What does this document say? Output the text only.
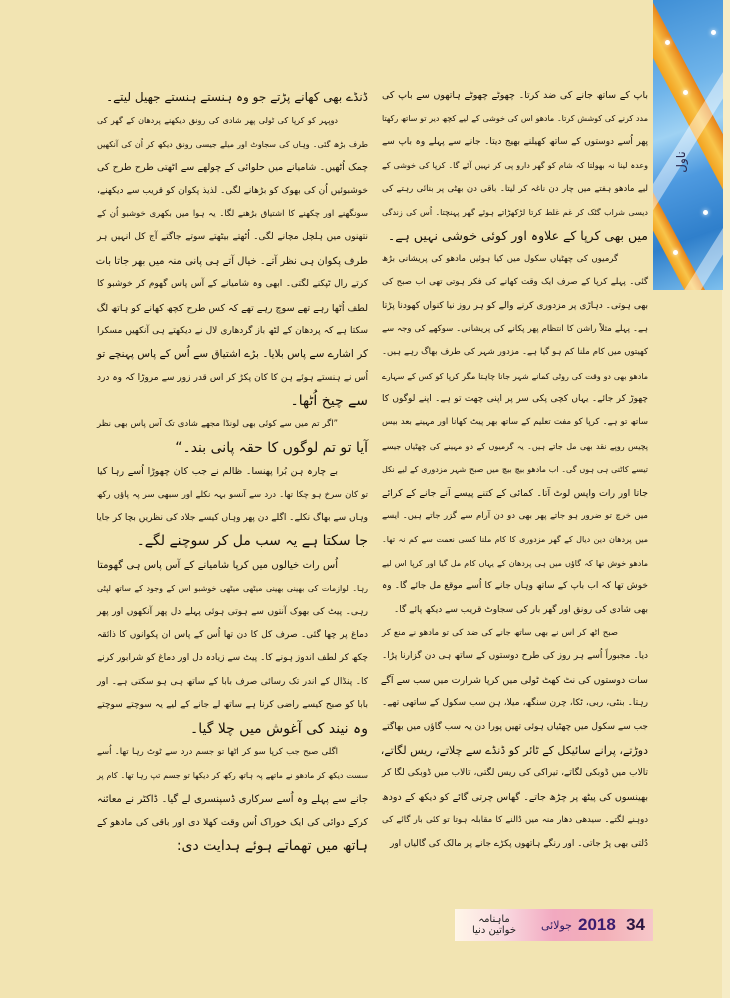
ناول
باپ کے ساتھ جانے کی ضد کرتا۔ چھوٹے چھوٹے ہاتھوں سے باپ کی
مدد کرنے کی کوشش کرتا۔ مادھو اس کی خوشی کے لیے کچھ دیر تو ساتھ رکھتا
پھر اُسے دوستوں کے ساتھ کھیلنے بھیج دیتا۔ جانے سے پہلے وہ باپ سے
وعدہ لینا نہ بھولتا کہ شام کو گھر دارو پی کر نہیں آئے گا۔ کرپا کی خوشی کے
لیے مادھو ہفتے میں چار دن ناغہ کر لیتا۔ باقی دن بھٹی پر بنائی رہتے کی
دیسی شراب گٹک کر غم غلط کرتا لڑکھڑاتے ہوئے گھر پہنچتا۔ اُس کی زندگی
میں بھی کرپا کے علاوہ اور کوئی خوشی نہیں ہے۔
گرمیوں کی چھٹیاں سکول میں کیا ہوئیں مادھو کی پریشانی بڑھ
گئی۔ پہلے کرپا کے صرف ایک وقت کھانے کی فکر ہوتی تھی اب صبح کی
بھی ہوتی۔ دہاڑی پر مزدوری کرنے والے کو ہر روز نیا کنواں کھودنا پڑتا
ہے۔ پہلے مثلاً راشن کا انتظام پھر پکانے کی پریشانی۔ سوکھے کی وجہ سے
کھیتوں میں کام ملنا کم ہو گیا ہے۔ مزدور شہر کی طرف بھاگ رہے ہیں۔
مادھو بھی دو وقت کی روٹی کمانے شہر جانا چاہتا مگر کرپا کو کس کے سہارے
چھوڑ کر جائے۔ یہاں کچی پکی سر پر اپنی چھت تو ہے۔ اپنے لوگوں کا
ساتھ تو ہے۔ کرپا کو مفت تعلیم کے ساتھ بھر پیٹ کھانا اور مہینے بعد بیس
پچیس روپے نقد بھی مل جاتے ہیں۔ یہ گرمیوں کے دو مہینے کی چھٹیاں جیسے
تیسے کاٹنی ہی ہوں گی۔ اب مادھو بیچ بیچ میں صبح شہر مزدوری کے لیے نکل
جاتا اور رات واپس لوٹ آتا۔ کمائی کے کتنے پیسے آنے جانے کے کرائے
میں خرچ تو ضرور ہو جاتے پھر بھی دو دن آرام سے گزر جاتے ہیں۔ ایسے
میں پردھان دین دیال کے گھر مزدوری کا کام ملنا کسی نعمت سے کم نہ تھا۔
مادھو خوش تھا کہ گاؤں میں ہی پردھان کے یہاں کام مل گیا اور کرپا اس لیے
خوش تھا کہ اب باپ کے ساتھ وہاں جانے کا اُسے موقع مل جائے گا۔ وہ
بھی شادی کی رونق اور گھر بار کی سجاوٹ قریب سے دیکھ پائے گا۔
صبح اٹھ کر اس نے بھی ساتھ جانے کی ضد کی تو مادھو نے منع کر
دیا۔ مجبوراً اُسے ہر روز کی طرح دوستوں کے ساتھ ہی دن گزارنا پڑا۔
سات دوستوں کی نٹ کھٹ ٹولی میں کرپا شرارت میں سب سے آگے
رہتا۔ بنٹی، ربی، ٹکا، چرن سنگھ، میلا، ہن سب سکول کے ساتھی تھے۔
جب سے سکول میں چھٹیاں ہوئی تھیں پورا دن یہ سب گاؤں میں بھاگتے
دوڑتے، پرانے سائیکل کے ٹائر کو ڈنڈے سے چلاتے، ریس لگاتے،
تالاب میں ڈوبکی لگاتے، تیراکی کی ریس لگتی، تالاب میں ڈوبکی لگا کر
بھینسوں کی پیٹھ پر چڑھ جاتے۔ گھاس چرتی گائے کو دیکھ کے دودھ
دوہنے لگتے۔ سیدھی دھار منہ میں ڈالنے کا مقابلہ ہوتا تو کئی بار گائے کی
دُلتی بھی پڑ جاتی۔ اور رنگے ہاتھوں پکڑے جانے پر مالک کی گالیاں اور
ڈنڈے بھی کھانے پڑتے جو وہ ہنستے ہنستے جھیل لیتے۔
دوپہر کو کرپا کی ٹولی پھر شادی کی رونق دیکھنے پردھان کے گھر کی
طرف بڑھ گئی۔ وہاں کی سجاوٹ اور میلے جیسی رونق دیکھ کر اُن کی آنکھیں
چمک اُٹھیں۔ شامیانے میں حلوائی کے چولھے سے اٹھتی طرح طرح کی
خوشبوئیں اُن کی بھوک کو بڑھانے لگی۔ لذیذ پکوان کو قریب سے دیکھنے،
سونگھنے اور چکھنے کا اشتیاق بڑھنے لگا۔ یہ ہوا میں بکھری خوشبو اُن کے
نتھنوں میں ہلچل مچانے لگی۔ اُٹھتے بیٹھتے سوتے جاگتے آج کل انہیں ہر
طرف پکوان ہی نظر آتے۔ خیال آتے ہی پانی منہ میں بھر جاتا بات
کرتے رال ٹپکنے لگتی۔ ابھی وہ شامیانے کے آس پاس گھوم کر خوشبو کا
لطف اُٹھا رہے تھے سوچ رہے تھے کہ کس طرح کچھ کھانے کو ہاتھ لگ
سکتا ہے کہ پردھان کے لٹھ باز گردھاری لال نے دیکھتے ہی آنکھیں مسکرا
کر اشارے سے پاس بلایا۔ بڑے اشتیاق سے اُس کے پاس پہنچے تو
اُس نے ہنستے ہوئے ہن کا کان پکڑ کر اس قدر زور سے مروڑا کہ وہ درد
سے چیخ اُٹھا۔
”اگر تم میں سے کوئی بھی لونڈا مجھے شادی تک آس پاس بھی نظر
آیا تو تم لوگوں کا حقہ پانی بند۔“
بے چارہ ہن بُرا پھنسا۔ ظالم نے جب کان چھوڑا اُسے رہا کیا
تو کان سرخ ہو چکا تھا۔ درد سے آنسو بہہ نکلے اور سبھی سر پہ پاؤں رکھ
وہاں سے بھاگ نکلے۔ اگلے دن پھر وہاں کیسے جلاد کی نظریں بچا کر جایا
جا سکتا ہے یہ سب مل کر سوچنے لگے۔
اُس رات خیالوں میں کرپا شامیانے کے آس پاس ہی گھومتا
رہا۔ لوازمات کی بھینی بھینی میٹھی میٹھی خوشبو اس کے وجود کے ساتھ لپٹی
رہی۔ پیٹ کی بھوک آنتوں سے ہوتی ہوئی پہلے دل پھر آنکھوں اور پھر
دماغ پر چھا گئی۔ صرف کل کا دن تھا اُس کے پاس ان پکوانوں کا ذائقہ
چکھ کر لطف اندوز ہونے کا۔ پیٹ سے زیادہ دل اور دماغ کو شرابور کرنے
کا۔ پنڈال کے اندر تک رسائی صرف بابا کے ساتھ ہی ہو سکتی ہے۔ اور
بابا کو صبح کیسے راضی کرنا ہے ساتھ لے جانے کے لیے یہ سوچتے سوچتے
وہ نیند کی آغوش میں چلا گیا۔
اگلی صبح جب کرپا سو کر اٹھا تو جسم درد سے ٹوٹ رہا تھا۔ اُسے
سست دیکھ کر مادھو نے ماتھے پہ ہاتھ رکھ کر دیکھا تو جسم تپ رہا تھا۔ کام پر
جانے سے پہلے وہ اُسے سرکاری ڈسپنسری لے گیا۔ ڈاکٹر نے معائنہ
کرکے دوائی کی ایک خوراک اُس وقت کھلا دی اور باقی کی مادھو کے
ہاتھ میں تھماتے ہوئے ہدایت دی:
ماہنامہ خواتین دنیا	جولائی 2018 34
